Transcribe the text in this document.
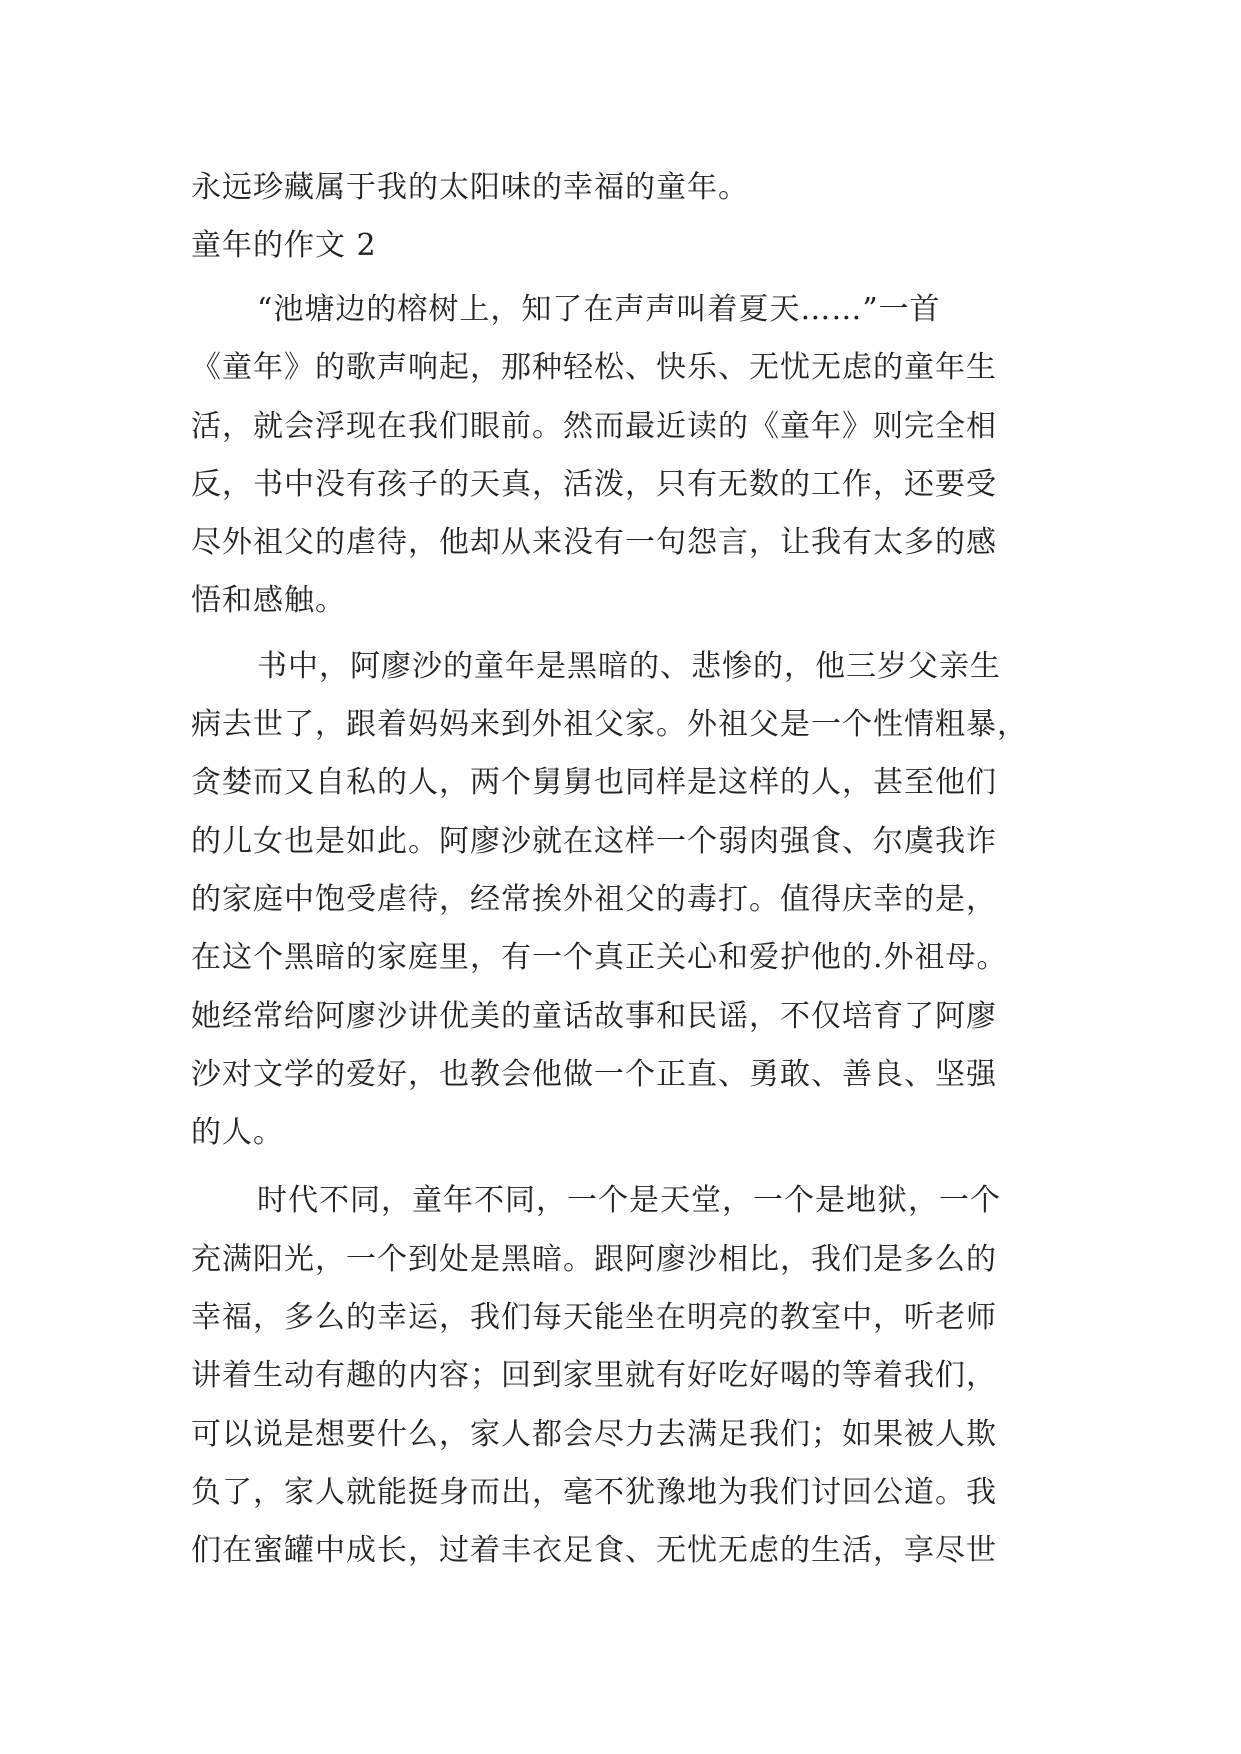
永远珍藏属于我的太阳味的幸福的童年。
童年的作文 2
“池塘边的榕树上，知了在声声叫着夏天……”一首
《童年》的歌声响起，那种轻松、快乐、无忧无虑的童年生
活，就会浮现在我们眼前。然而最近读的《童年》则完全相
反，书中没有孩子的天真，活泼，只有无数的工作，还要受
尽外祖父的虐待，他却从来没有一句怨言，让我有太多的感
悟和感触。
书中，阿廖沙的童年是黑暗的、悲惨的，他三岁父亲生
病去世了，跟着妈妈来到外祖父家。外祖父是一个性情粗暴，
贪婪而又自私的人，两个舅舅也同样是这样的人，甚至他们
的儿女也是如此。阿廖沙就在这样一个弱肉强食、尔虞我诈
的家庭中饱受虐待，经常挨外祖父的毒打。值得庆幸的是，
在这个黑暗的家庭里，有一个真正关心和爱护他的.外祖母。
她经常给阿廖沙讲优美的童话故事和民谣，不仅培育了阿廖
沙对文学的爱好，也教会他做一个正直、勇敢、善良、坚强
的人。
时代不同，童年不同，一个是天堂，一个是地狱，一个
充满阳光，一个到处是黑暗。跟阿廖沙相比，我们是多么的
幸福，多么的幸运，我们每天能坐在明亮的教室中，听老师
讲着生动有趣的内容；回到家里就有好吃好喝的等着我们，
可以说是想要什么，家人都会尽力去满足我们；如果被人欺
负了，家人就能挺身而出，毫不犹豫地为我们讨回公道。我
们在蜜罐中成长，过着丰衣足食、无忧无虑的生活，享尽世
